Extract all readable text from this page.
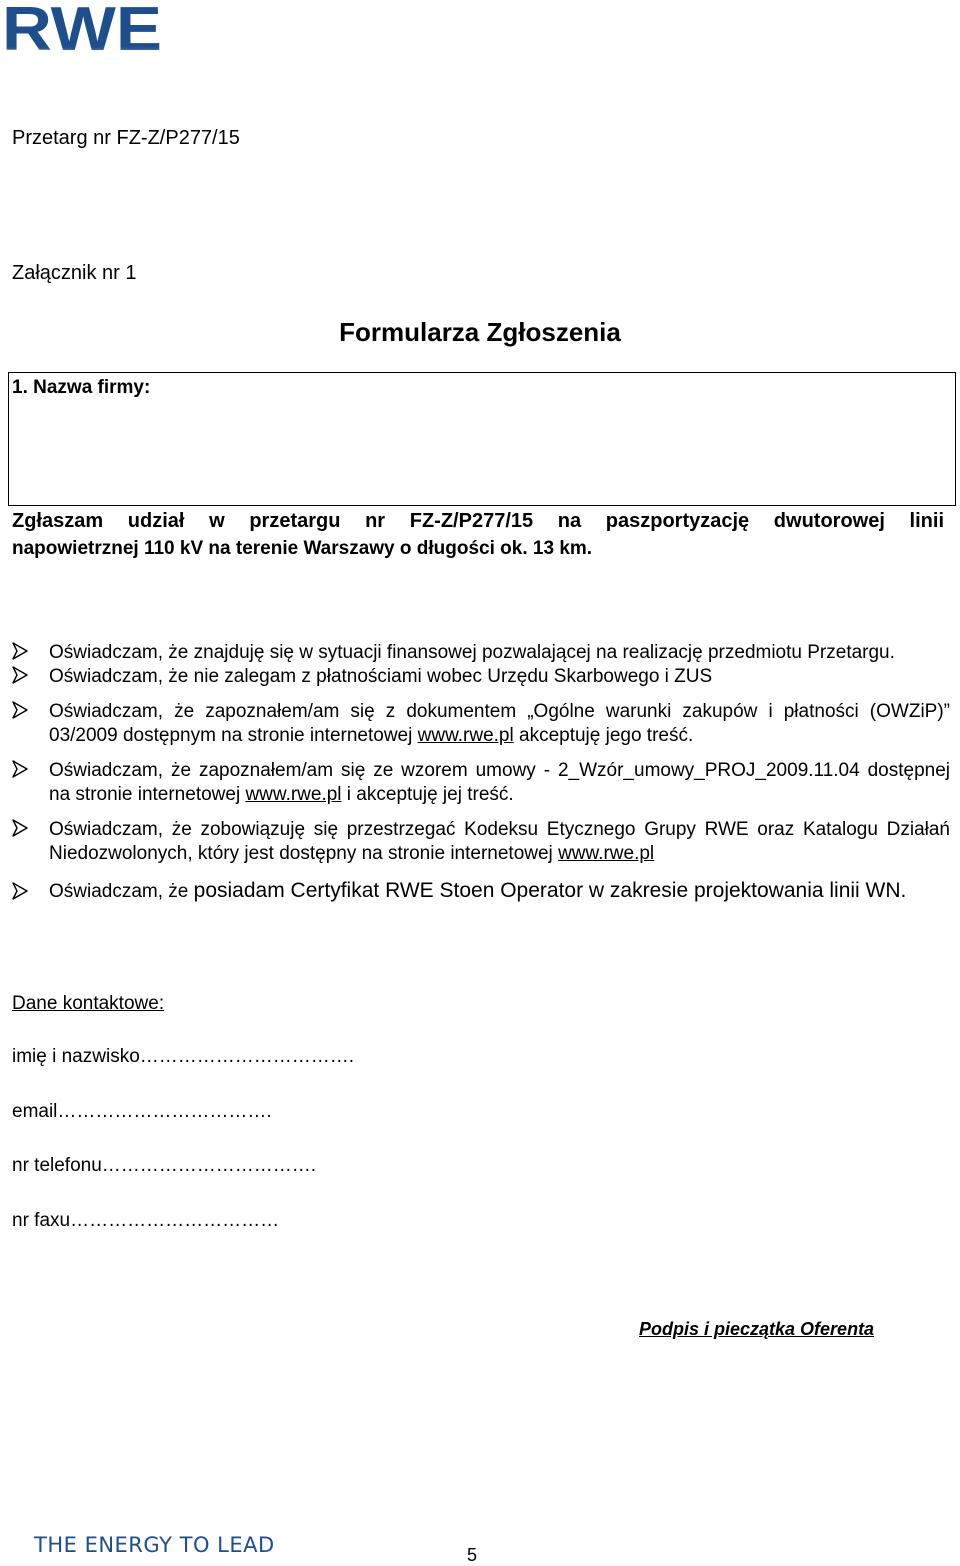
RWE
Przetarg nr FZ-Z/P277/15
Załącznik nr 1
Formularza Zgłoszenia
1. Nazwa firmy:
Zgłaszam udział w przetargu nr FZ-Z/P277/15 na paszportyzację dwutorowej linii
napowietrznej 110 kV na terenie Warszawy o długości ok. 13 km.
Oświadczam, że znajduję się w sytuacji finansowej pozwalającej na realizację przedmiotu Przetargu.
Oświadczam, że nie zalegam z płatnościami wobec Urzędu Skarbowego i ZUS
Oświadczam, że zapoznałem/am się z dokumentem „Ogólne warunki zakupów i płatności (OWZiP)” 03/2009 dostępnym na stronie internetowej www.rwe.pl akceptuję jego treść.
Oświadczam, że zapoznałem/am się ze wzorem umowy - 2_Wzór_umowy_PROJ_2009.11.04 dostępnej na stronie internetowej www.rwe.pl i akceptuję jej treść.
Oświadczam, że zobowiązuję się przestrzegać Kodeksu Etycznego Grupy RWE oraz Katalogu Działań Niedozwolonych, który jest dostępny na stronie internetowej www.rwe.pl
Oświadczam, że posiadam Certyfikat RWE Stoen Operator w zakresie projektowania linii WN.
Dane kontaktowe:
imię i nazwisko…………………………….
email…………………………….
nr telefonu…………………………….
nr faxu……………………………
Podpis i pieczątka Oferenta
THE ENERGY TO LEAD	5
